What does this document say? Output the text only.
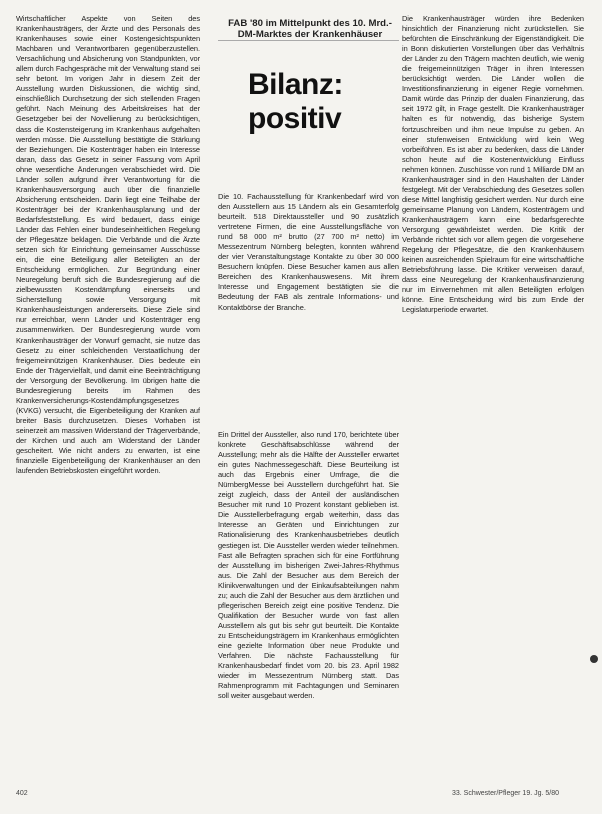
Wirtschaftlicher Aspekte von Seiten des Krankenhausträgers, der Ärzte und des Personals des Krankenhauses sowie einer Kostengesichtspunkten Machbaren und Verantwortbaren gegenüberzustellen. Versachlichung und Absicherung von Standpunkten, vor allem durch Fachgespräche mit der Verwaltung stand sei sehr betont. Im vorigen Jahr in diesem Zeit der Ausstellung wurden Diskussionen, die wichtig sind, einschließlich Durchsetzung der sich stellenden Fragen geführt. Nach Meinung des Arbeitskreises hat der Gesetzgeber bei der Novellierung zu berücksichtigen, dass die Kostensteigerung im Krankenhaus aufgehalten werden müsse. Die Ausstellung bestätigte die Stärkung der Beziehungen. Die Kostenträger haben ein Interesse daran, dass das Gesetz in seiner Fassung vom April ohne wesentliche Änderungen verabschiedet wird. Die Länder sollen aufgrund ihrer Verantwortung für die Krankenhausversorgung auch über die finanzielle Absicherung entscheiden. Darin liegt eine Teilhabe der Kostenträger bei der Krankenhausplanung und der Bedarfsfeststellung. Es wird bedauert, dass einige Länder das Fehlen einer bundeseinheitlichen Regelung der Pflegesätze beklagen. Die Verbände und die Ärzte setzen sich für Einrichtung gemeinsamer Ausschüsse ein, die eine Beteiligung aller Beteiligten an der Entscheidung ermöglichen. Zur Begründung einer Neuregelung beruft sich die Bundesregierung auf die zielbewussten Kostendämpfung einerseits und Sicherstellung sowie Versorgung mit Krankenhausleistungen andererseits. Diese Ziele sind nur erreichbar, wenn Länder und Kostenträger eng zusammenwirken. Der Bundesregierung wurde vom Krankenhausträger der Vorwurf gemacht, sie nutze das Gesetz zu einer schleichenden Verstaatlichung der freigemeinnützigen Krankenhäuser. Dies bedeute ein Ende der Trägervielfalt, und damit eine Beeinträchtigung der Versorgung der Bevölkerung. Im übrigen hatte die Bundesregierung bereits im Rahmen des Krankenversicherungs-Kostendämpfungsgesetzes (KVKG) versucht, die Eigenbeteiligung der Kranken auf breiter Basis durchzusetzen. Dieses Vorhaben ist seinerzeit am massiven Widerstand der Trägerverbände, der Kirchen und auch am Widerstand der Länder gescheitert. Wie nicht anders zu erwarten, ist eine finanzielle Eigenbeteiligung der Krankenhäuser an den laufenden Betriebskosten eingeführt worden.

FAB '80 im Mittelpunkt des 10. Mrd.-DM-Marktes der Krankenhäuser
Bilanz: positiv
Die 10. Fachausstellung für Krankenbedarf wird von den Ausstellern aus 15 Ländern als ein Gesamterfolg beurteilt. 518 Direktaussteller und 90 zusätzlich vertretene Firmen, die eine Ausstellungsfläche von rund 58 000 m² brutto (27 700 m² netto) im Messezentrum Nürnberg belegten, konnten während der vier Veranstaltungstage Kontakte zu über 30 000 Besuchern knüpfen. Diese Besucher kamen aus allen Bereichen des Krankenhauswesens. Mit ihrem Interesse und Engagement bestätigten sie die Bedeutung der FAB als zentrale Informations- und Kontaktbörse der Branche.

Ein Drittel der Aussteller, also rund 170, berichtete über konkrete Geschäftsabschlüsse während der Ausstellung; mehr als die Hälfte der Aussteller erwartet ein gutes Nachmessegeschäft. Diese Beurteilung ist auch das Ergebnis einer Umfrage, die die NürnbergMesse bei Ausstellern durchgeführt hat. Sie zeigt zugleich, dass der Anteil der ausländischen Besucher mit rund 10 Prozent konstant geblieben ist. Die Ausstellerbefragung ergab weiterhin, dass das Interesse an Geräten und Einrichtungen zur Rationalisierung des Krankenhausbetriebes deutlich gestiegen ist. Die Aussteller werden wieder teilnehmen. Fast alle Befragten sprachen sich für eine Fortführung der Ausstellung im bisherigen Zwei-Jahres-Rhythmus aus. Die Zahl der Besucher aus dem Bereich der Klinikverwaltungen und der Einkaufsabteilungen nahm zu; auch die Zahl der Besucher aus dem ärztlichen und pflegerischen Bereich zeigt eine positive Tendenz. Die Qualifikation der Besucher wurde von fast allen Ausstellern als gut bis sehr gut beurteilt. Die Kontakte zu Entscheidungsträgern im Krankenhaus ermöglichten eine gezielte Information über neue Produkte und Verfahren. Die nächste Fachausstellung für Krankenhausbedarf findet vom 20. bis 23. April 1982 wieder im Messezentrum Nürnberg statt. Das Rahmenprogramm mit Fachtagungen und Seminaren soll weiter ausgebaut werden.

Die Krankenhausträger würden ihre Bedenken hinsichtlich der Finanzierung nicht zurückstellen. Sie befürchten die Einschränkung der Eigenständigkeit. Die in Bonn diskutierten Vorstellungen über das Verhältnis der Länder zu den Trägern machten deutlich, wie wenig die freigemeinnützigen Träger in ihren Interessen berücksichtigt werden. Die Länder wollen die Investitionsfinanzierung in eigener Regie vornehmen. Damit würde das Prinzip der dualen Finanzierung, das seit 1972 gilt, in Frage gestellt. Die Krankenhausträger halten es für notwendig, das bisherige System fortzuschreiben und ihm neue Impulse zu geben. An einer stufenweisen Entwicklung wird kein Weg vorbeiführen. Es ist aber zu bedenken, dass die Länder schon heute auf die Kostenentwicklung Einfluss nehmen können. Zuschüsse von rund 1 Milliarde DM an Krankenhausträger sind in den Haushalten der Länder festgelegt. Mit der Verabschiedung des Gesetzes sollen diese Mittel langfristig gesichert werden. Nur durch eine gemeinsame Planung von Ländern, Kostenträgern und Krankenhausträgern kann eine bedarfsgerechte Versorgung gewährleistet werden. Die Kritik der Verbände richtet sich vor allem gegen die vorgesehene Regelung der Pflegesätze, die den Krankenhäusern keinen ausreichenden Spielraum für eine wirtschaftliche Betriebsführung lasse. Die Kritiker verweisen darauf, dass eine Neuregelung der Krankenhausfinanzierung nur im Einvernehmen mit allen Beteiligten erfolgen könne. Eine Entscheidung wird bis zum Ende der Legislaturperiode erwartet.

402	33. Schwester/Pfleger 19. Jg. 5/80
